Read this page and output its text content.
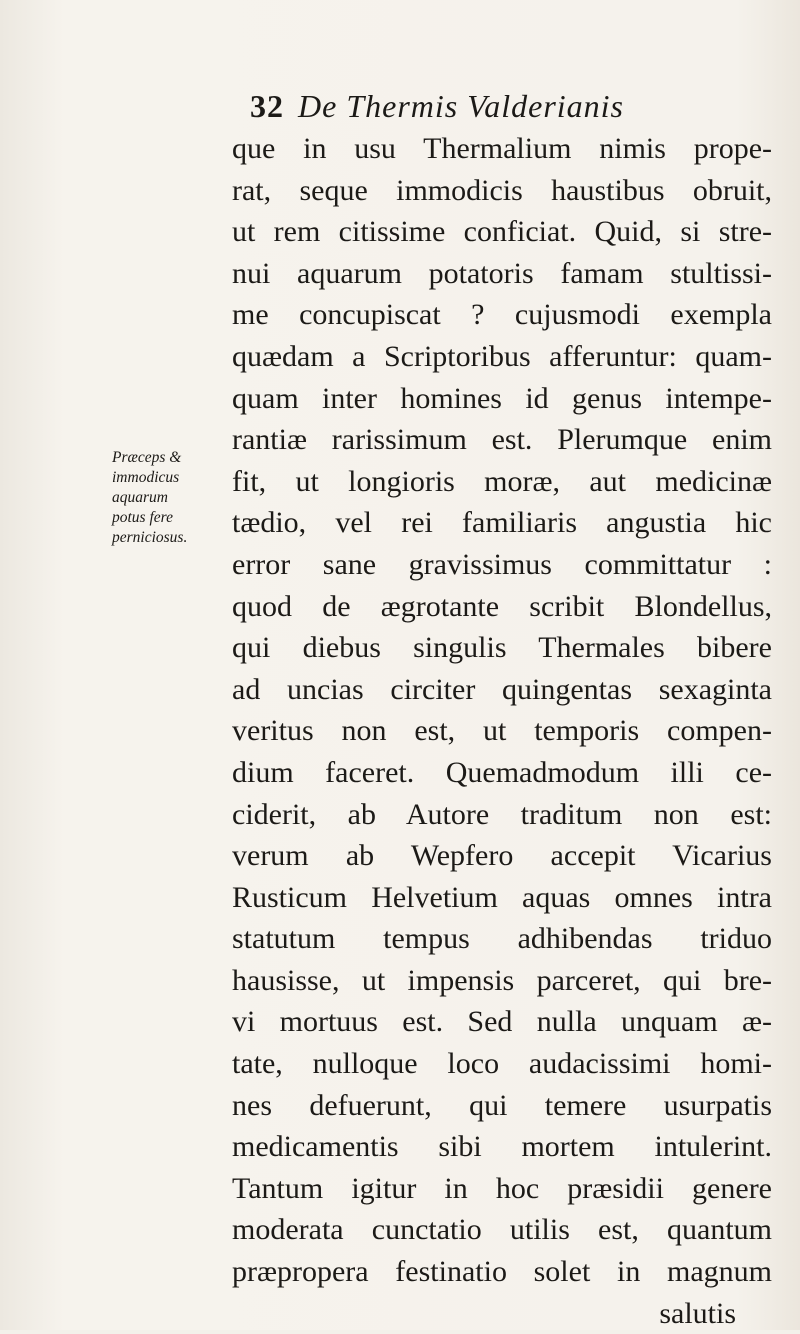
32 De Thermis Valderianis
Præceps &
immodicus
aquarum
potus fere
perniciosus.
que in usu Thermalium nimis prope-
rat, seque immodicis haustibus obruit,
ut rem citissime conficiat. Quid, si stre-
nui aquarum potatoris famam stultissi-
me concupiscat ? cujusmodi exempla
quædam a Scriptoribus afferuntur: quam-
quam inter homines id genus intempe-
rantiæ rarissimum est. Plerumque enim
fit, ut longioris moræ, aut medicinæ
tædio, vel rei familiaris angustia hic
error sane gravissimus committatur :
quod de ægrotante scribit Blondellus,
qui diebus singulis Thermales bibere
ad uncias circiter quingentas sexaginta
veritus non est, ut temporis compen-
dium faceret. Quemadmodum illi ce-
ciderit, ab Autore traditum non est:
verum ab Wepfero accepit Vicarius
Rusticum Helvetium aquas omnes intra
statutum tempus adhibendas triduo
hausisse, ut impensis parceret, qui bre-
vi mortuus est. Sed nulla unquam æ-
tate, nulloque loco audacissimi homi-
nes defuerunt, qui temere usurpatis
medicamentis sibi mortem intulerint.
Tantum igitur in hoc præsidii genere
moderata cunctatio utilis est, quantum
præpropera festinatio solet in magnum
salutis
